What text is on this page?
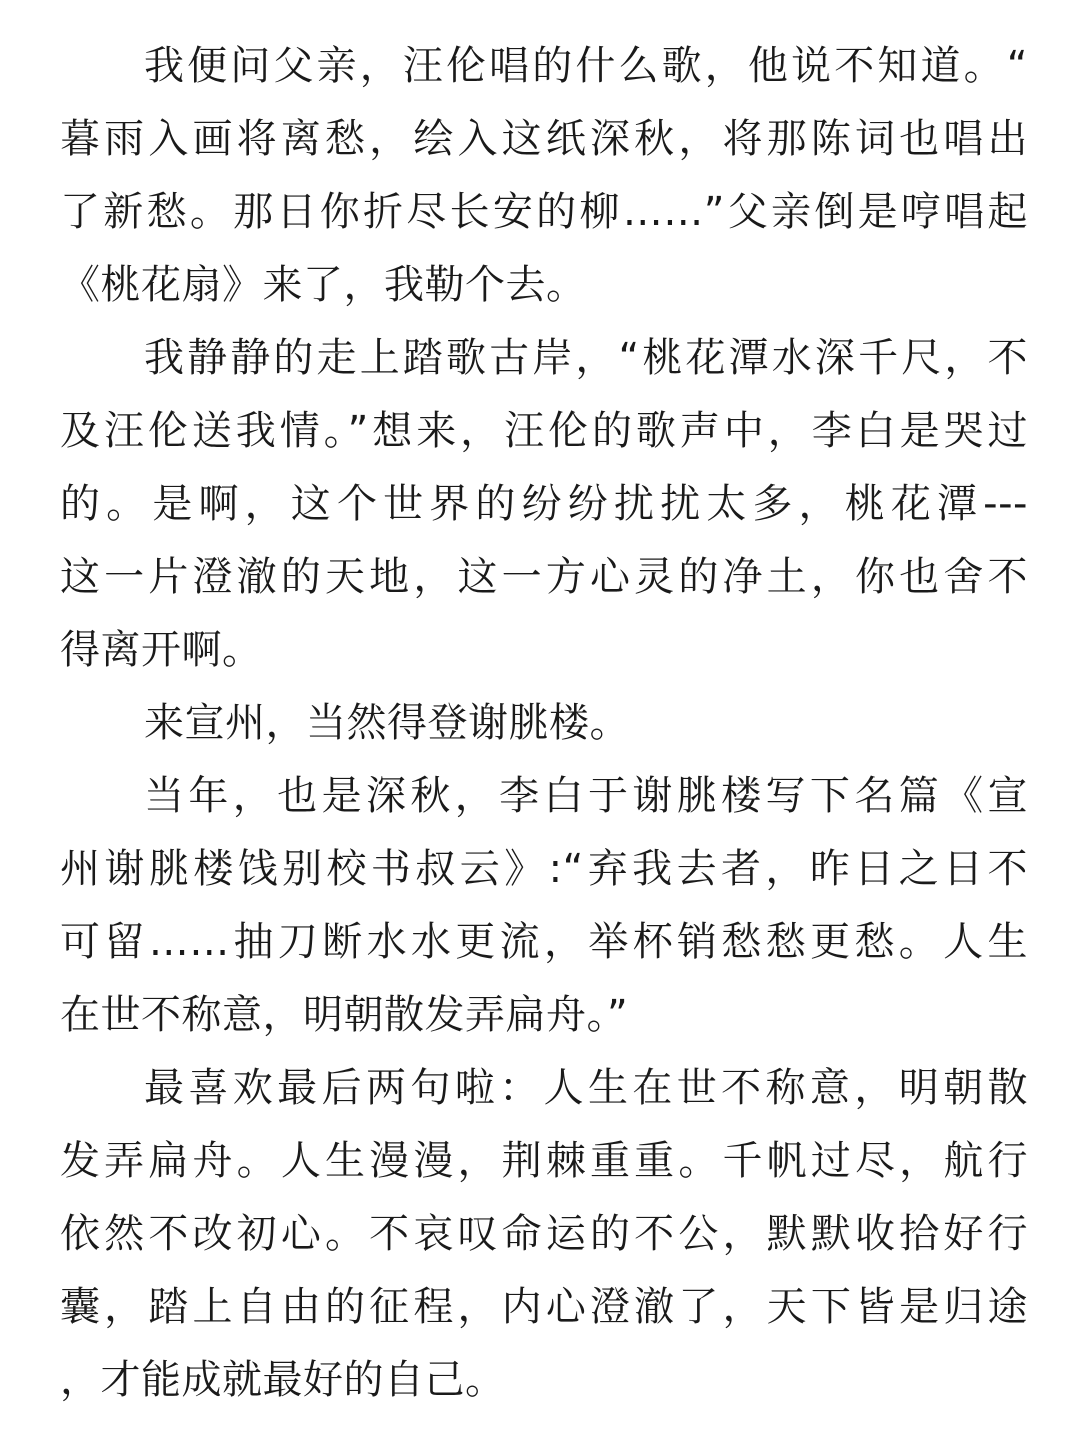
我便问父亲，汪伦唱的什么歌，他说不知道。“
暮雨入画将离愁，绘入这纸深秋，将那陈词也唱出
了新愁。那日你折尽长安的柳……”父亲倒是哼唱起
《桃花扇》来了，我勒个去。
我静静的走上踏歌古岸，“桃花潭水深千尺，不
及汪伦送我情。”想来，汪伦的歌声中，李白是哭过
的。是啊，这个世界的纷纷扰扰太多，桃花潭---
这一片澄澈的天地，这一方心灵的净土，你也舍不
得离开啊。
来宣州，当然得登谢朓楼。
当年，也是深秋，李白于谢朓楼写下名篇《宣
州谢朓楼饯别校书叔云》:“弃我去者，昨日之日不
可留……抽刀断水水更流，举杯销愁愁更愁。人生
在世不称意，明朝散发弄扁舟。”
最喜欢最后两句啦：人生在世不称意，明朝散
发弄扁舟。人生漫漫，荆棘重重。千帆过尽，航行
依然不改初心。不哀叹命运的不公，默默收拾好行
囊，踏上自由的征程，内心澄澈了，天下皆是归途
，才能成就最好的自己。
